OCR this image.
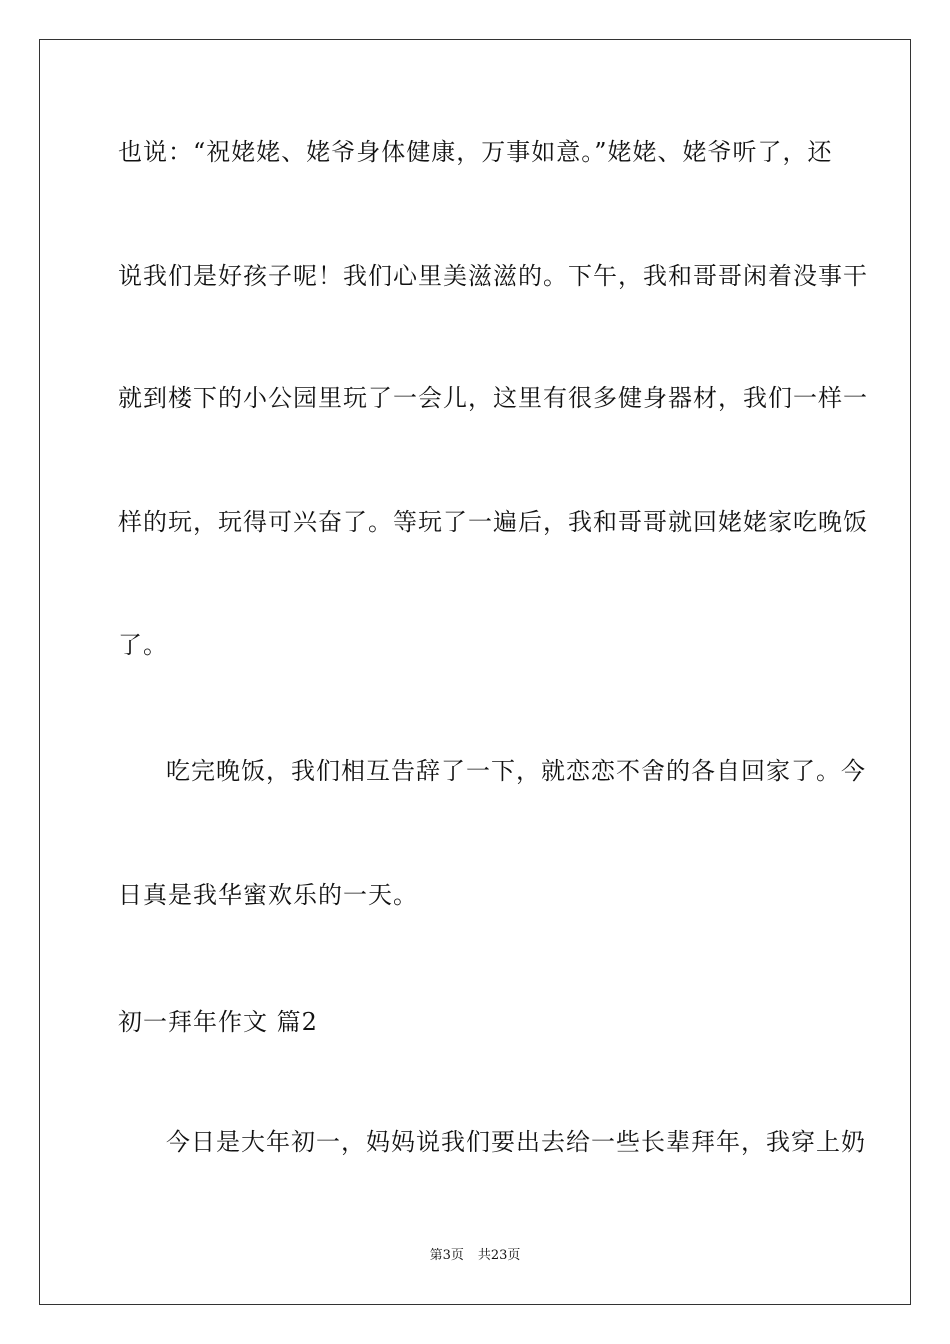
也说：“祝姥姥、姥爷身体健康，万事如意。”姥姥、姥爷听了，还
说我们是好孩子呢！我们心里美滋滋的。下午，我和哥哥闲着没事干
就到楼下的小公园里玩了一会儿，这里有很多健身器材，我们一样一
样的玩，玩得可兴奋了。等玩了一遍后，我和哥哥就回姥姥家吃晚饭
了。
吃完晚饭，我们相互告辞了一下，就恋恋不舍的各自回家了。今
日真是我华蜜欢乐的一天。
初一拜年作文 篇2
今日是大年初一，妈妈说我们要出去给一些长辈拜年，我穿上奶
第3页 共23页
